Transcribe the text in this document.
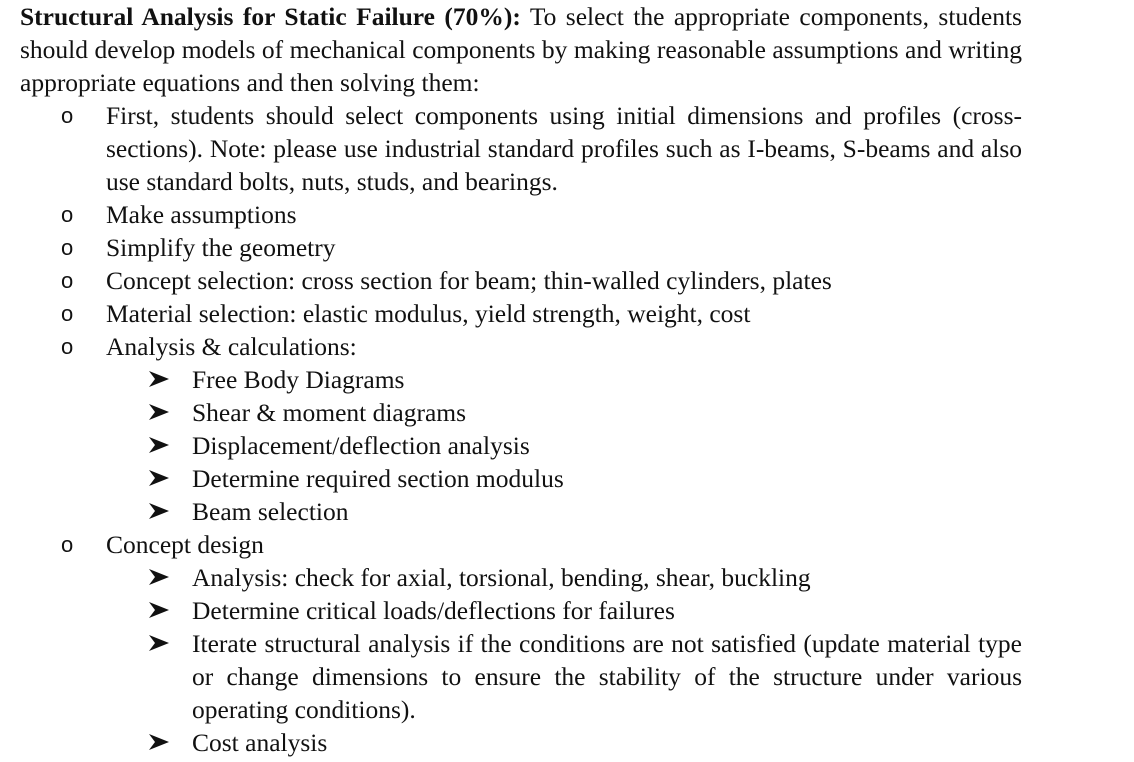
Structural Analysis for Static Failure (70%): To select the appropriate components, students should develop models of mechanical components by making reasonable assumptions and writing appropriate equations and then solving them:

o First, students should select components using initial dimensions and profiles (cross-sections). Note: please use industrial standard profiles such as I-beams, S-beams and also use standard bolts, nuts, studs, and bearings.
o Make assumptions
o Simplify the geometry
o Concept selection: cross section for beam; thin-walled cylinders, plates
o Material selection: elastic modulus, yield strength, weight, cost
o Analysis & calculations:
Free Body Diagrams
Shear & moment diagrams
Displacement/deflection analysis
Determine required section modulus
Beam selection
o Concept design
Analysis: check for axial, torsional, bending, shear, buckling
Determine critical loads/deflections for failures
Iterate structural analysis if the conditions are not satisfied (update material type or change dimensions to ensure the stability of the structure under various operating conditions).
Cost analysis
